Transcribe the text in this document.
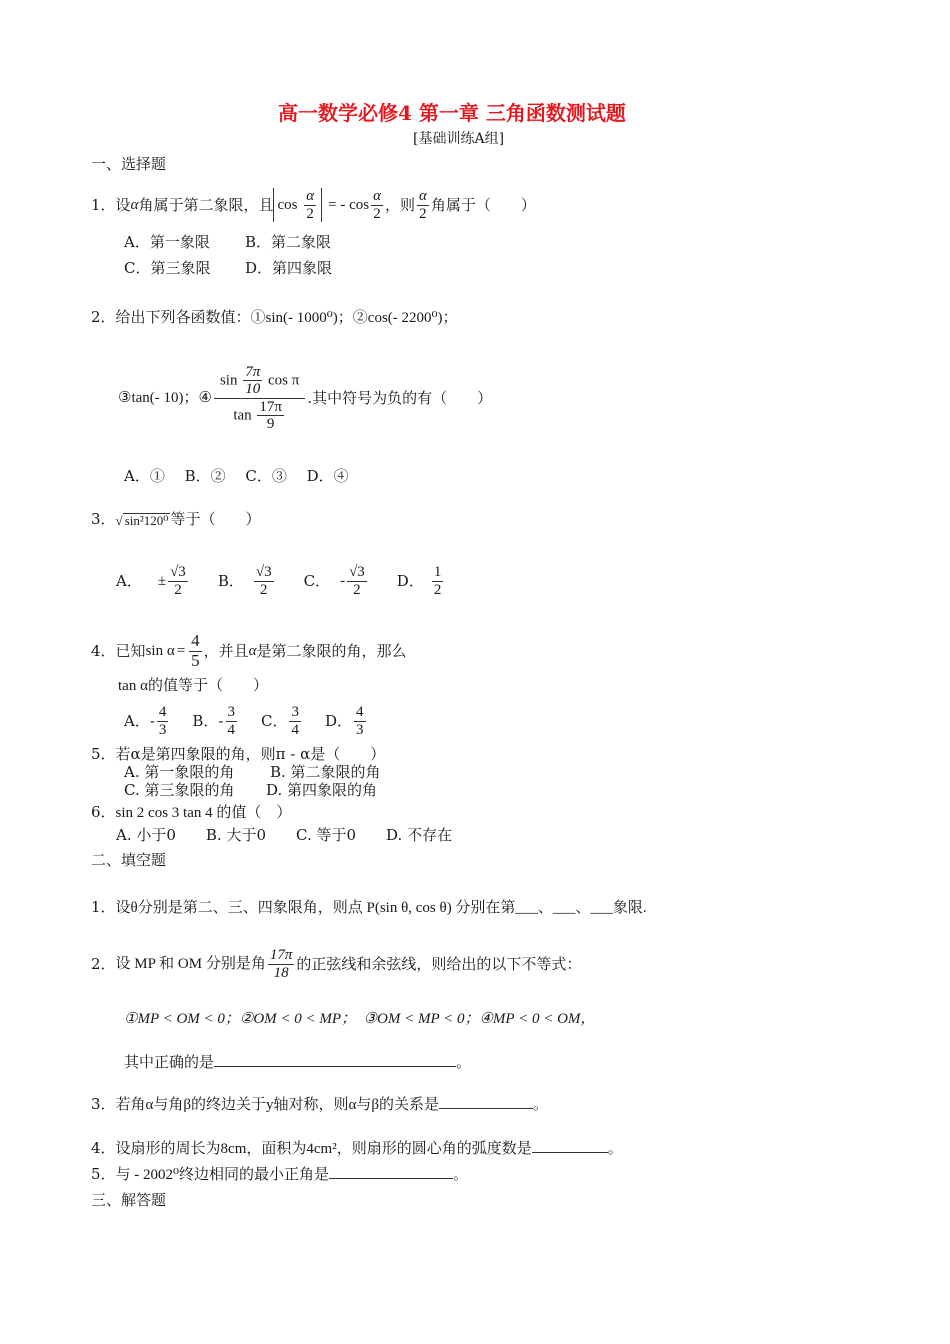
高一数学必修4 第一章 三角函数测试题
[基础训练A组]
一、选择题
1． 设 α 角属于第二象限，且 $\cos \frac{\alpha}{2}$ = - $\cos \frac{\alpha}{2}$ ， 则 $\frac{\alpha}{2}$ 角属于（　　）
A．第一象限 B．第二象限
C．第三象限 D．第四象限
2．给出下列各函数值：①sin(- 1000⁰)；②cos(- 2200⁰)；
③tan(- 10)；④ $\frac{\sin \frac{7\pi}{10} \cos \pi}{\tan \frac{17\pi}{9}}$ .其中符号为负的有（　　）
A．①　 B．②　 C．③　 D．④
3． √ sin²120⁰ 等于（　　）
A． ± $\frac{√3}{2}$ B． $\frac{√3}{2}$ C． - $\frac{√3}{2}$ D． $\frac{1}{2}$
4． 已知 $\sin \alpha = \frac{4}{5}$ ，并且 α 是第二象限的角，那么
tan α的值等于（　　）
A．- $\frac{4}{3}$ B．- $\frac{3}{4}$ C． $\frac{3}{4}$ D． $\frac{4}{3}$
5．若α是第四象限的角，则π - α是（　　）
A. 第一象限的角 B. 第二象限的角
C. 第三象限的角 D. 第四象限的角
6．sin 2 cos 3 tan 4 的值（　）
A. 小于0　　B. 大于0　　C. 等于0　　D. 不存在
二、填空题
1．设θ分别是第二、三、四象限角，则点 P(sin θ, cos θ) 分别在第___、___、___象限.
2． 设 MP 和 OM 分别是角 $\frac{17\pi}{18}$ 的正弦线和余弦线，则给出的以下不等式：
①MP < OM < 0；②OM < 0 < MP；　③OM < MP < 0；④MP < 0 < OM，
其中正确的是	。
3．若角α与角β的终边关于y轴对称，则α与β的关系是	。
4．设扇形的周长为8cm，面积为4cm²，则扇形的圆心角的弧度数是	。
5．与 - 2002⁰终边相同的最小正角是	。
三、解答题
